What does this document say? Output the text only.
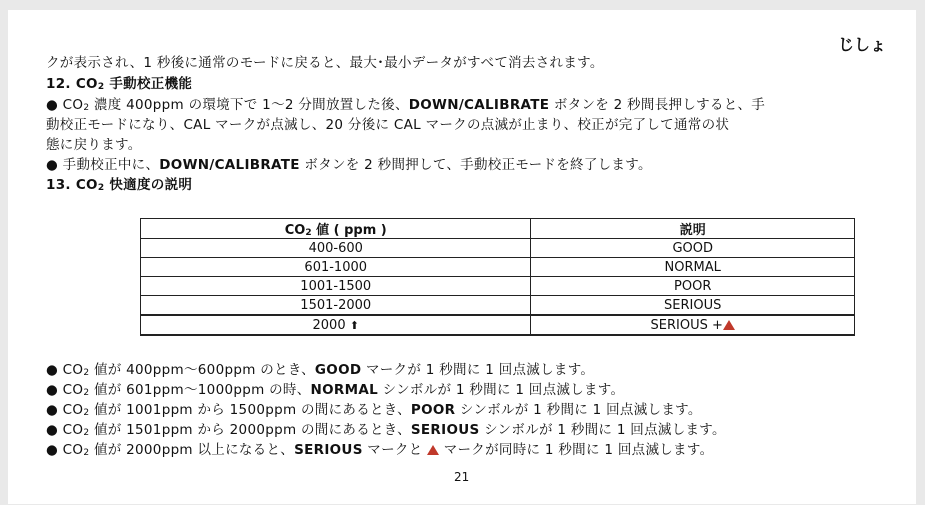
じしょ
クが表示され、1 秒後に通常のモードに戻ると、最大･最小データがすべて消去されます。
12. CO2 手動校正機能
● CO2 濃度 400ppm の環境下で 1～2 分間放置した後、DOWN/CALIBRATE ボタンを 2 秒間長押しすると、手
動校正モードになり、CAL マークが点滅し、20 分後に CAL マークの点滅が止まり、校正が完了して通常の状
態に戻ります。
● 手動校正中に、DOWN/CALIBRATE ボタンを 2 秒間押して、手動校正モードを終了します。
13. CO2 快適度の説明
CO2 値 ( ppm )	説明
400-600	GOOD
601-1000	NORMAL
1001-1500	POOR
1501-2000	SERIOUS
2000 ⬆	SERIOUS +
● CO2 値が 400ppm～600ppm のとき、GOOD マークが 1 秒間に 1 回点滅します。
● CO2 値が 601ppm～1000ppm の時、NORMAL シンボルが 1 秒間に 1 回点滅します。
● CO2 値が 1001ppm から 1500ppm の間にあるとき、POOR シンボルが 1 秒間に 1 回点滅します。
● CO2 値が 1501ppm から 2000ppm の間にあるとき、SERIOUS シンボルが 1 秒間に 1 回点滅します。
● CO2 値が 2000ppm 以上になると、SERIOUS マークと  マークが同時に 1 秒間に 1 回点滅します。
21
